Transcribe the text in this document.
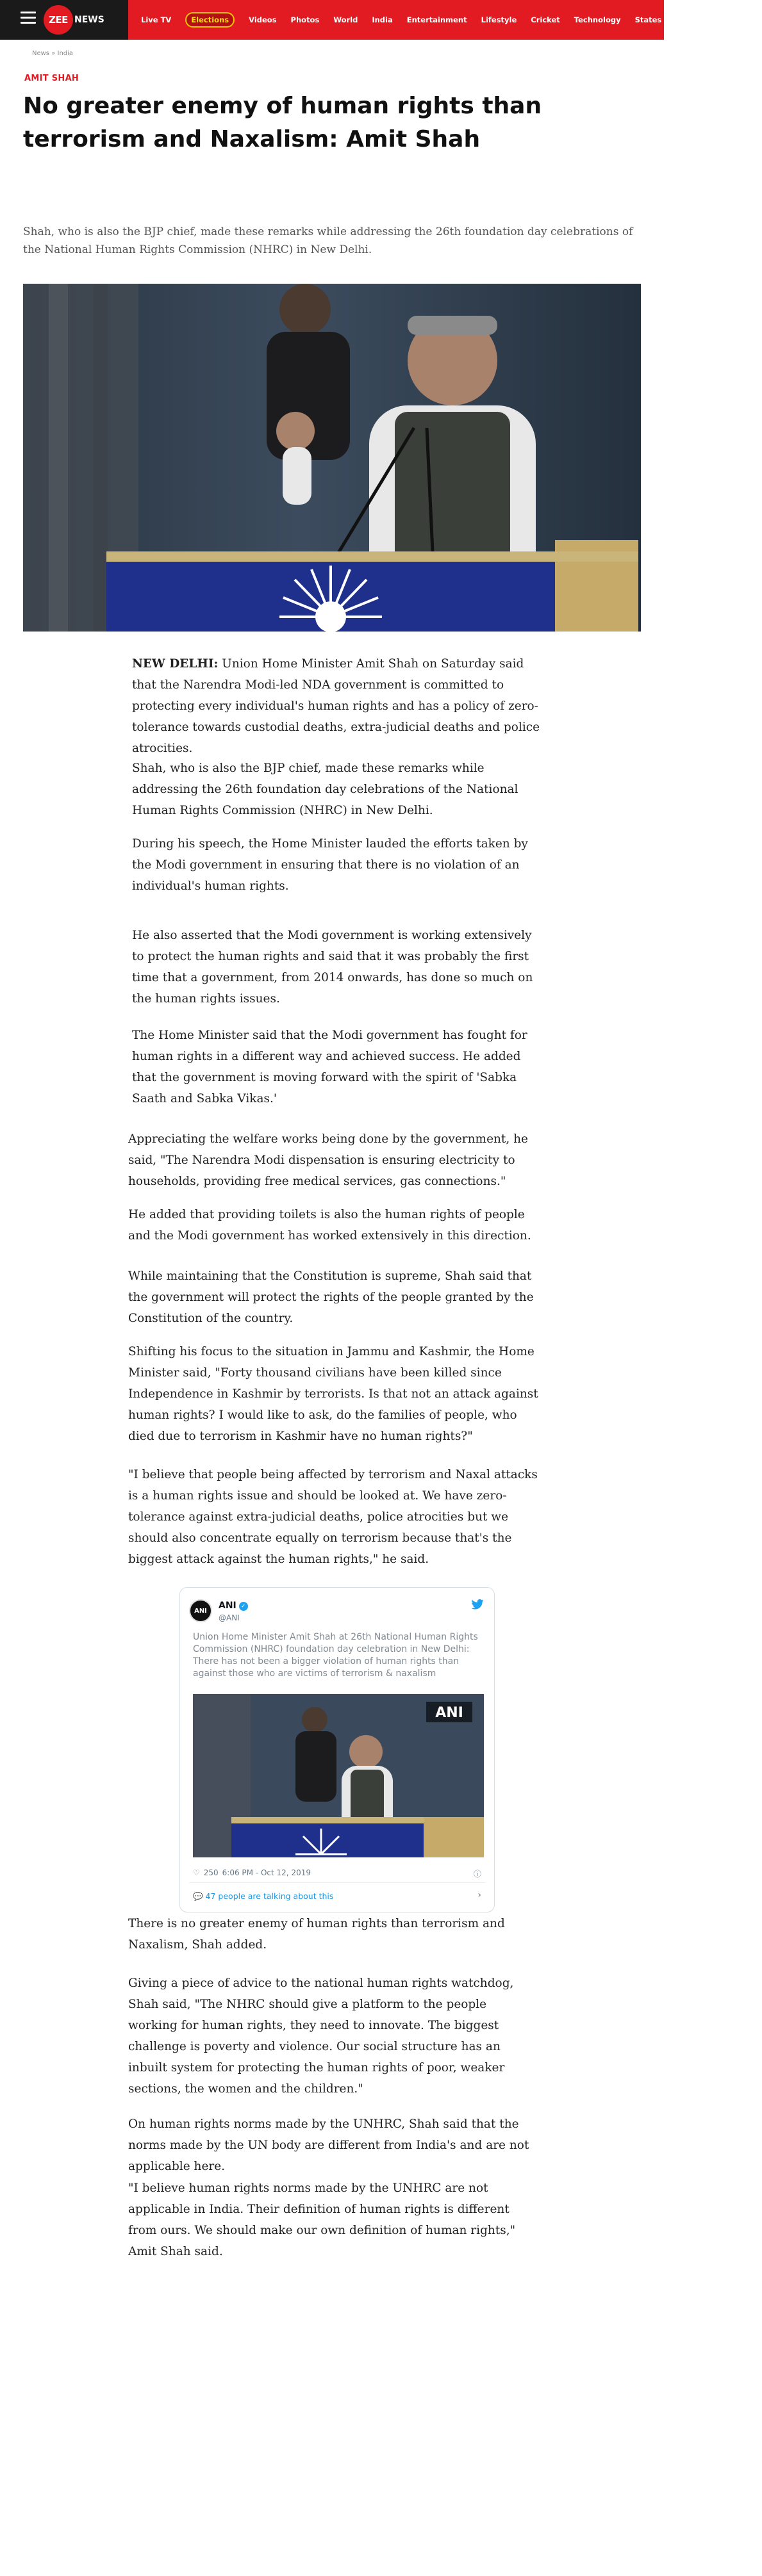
ZEE NEWS	Live TV	Elections	Videos Photos World India Entertainment Lifestyle Cricket Technology States Business Bhojpuri
News » India
AMIT SHAH
No greater enemy of human rights than terrorism and Naxalism: Amit Shah

Shah, who is also the BJP chief, made these remarks while addressing the 26th foundation day celebrations of the National Human Rights Commission (NHRC) in New Delhi.

NEW DELHI: Union Home Minister Amit Shah on Saturday said that the Narendra Modi-led NDA government is committed to protecting every individual's human rights and has a policy of zero-tolerance towards custodial deaths, extra-judicial deaths and police atrocities.

Shah, who is also the BJP chief, made these remarks while addressing the 26th foundation day celebrations of the National Human Rights Commission (NHRC) in New Delhi.

During his speech, the Home Minister lauded the efforts taken by the Modi government in ensuring that there is no violation of an individual's human rights.

He also asserted that the Modi government is working extensively to protect the human rights and said that it was probably the first time that a government, from 2014 onwards, has done so much on the human rights issues.

The Home Minister said that the Modi government has fought for human rights in a different way and achieved success. He added that the government is moving forward with the spirit of 'Sabka Saath and Sabka Vikas.'

Appreciating the welfare works being done by the government, he said, "The Narendra Modi dispensation is ensuring electricity to households, providing free medical services, gas connections."

He added that providing toilets is also the human rights of people and the Modi government has worked extensively in this direction.

While maintaining that the Constitution is supreme, Shah said that the government will protect the rights of the people granted by the Constitution of the country.

Shifting his focus to the situation in Jammu and Kashmir, the Home Minister said, "Forty thousand civilians have been killed since Independence in Kashmir by terrorists. Is that not an attack against human rights? I would like to ask, do the families of people, who died due to terrorism in Kashmir have no human rights?"

"I believe that people being affected by terrorism and Naxal attacks is a human rights issue and should be looked at. We have zero-tolerance against extra-judicial deaths, police atrocities but we should also concentrate equally on terrorism because that's the biggest attack against the human rights," he said.

There is no greater enemy of human rights than terrorism and Naxalism, Shah added.

Giving a piece of advice to the national human rights watchdog, Shah said, "The NHRC should give a platform to the people working for human rights, they need to innovate. The biggest challenge is poverty and violence. Our social structure has an inbuilt system for protecting the human rights of poor, weaker sections, the women and the children."

On human rights norms made by the UNHRC, Shah said that the norms made by the UN body are different from India's and are not applicable here.

"I believe human rights norms made by the UNHRC are not applicable in India. Their definition of human rights is different from ours. We should make our own definition of human rights," Amit Shah said.

ANI	ANI ✓
@ANI
Union Home Minister Amit Shah at 26th National Human Rights Commission (NHRC) foundation day celebration in New Delhi: There has not been a bigger violation of human rights than against those who are victims of terrorism & naxalism
ANI
♡ 250 6:06 PM - Oct 12, 2019	ⓘ
💬 47 people are talking about this	›
